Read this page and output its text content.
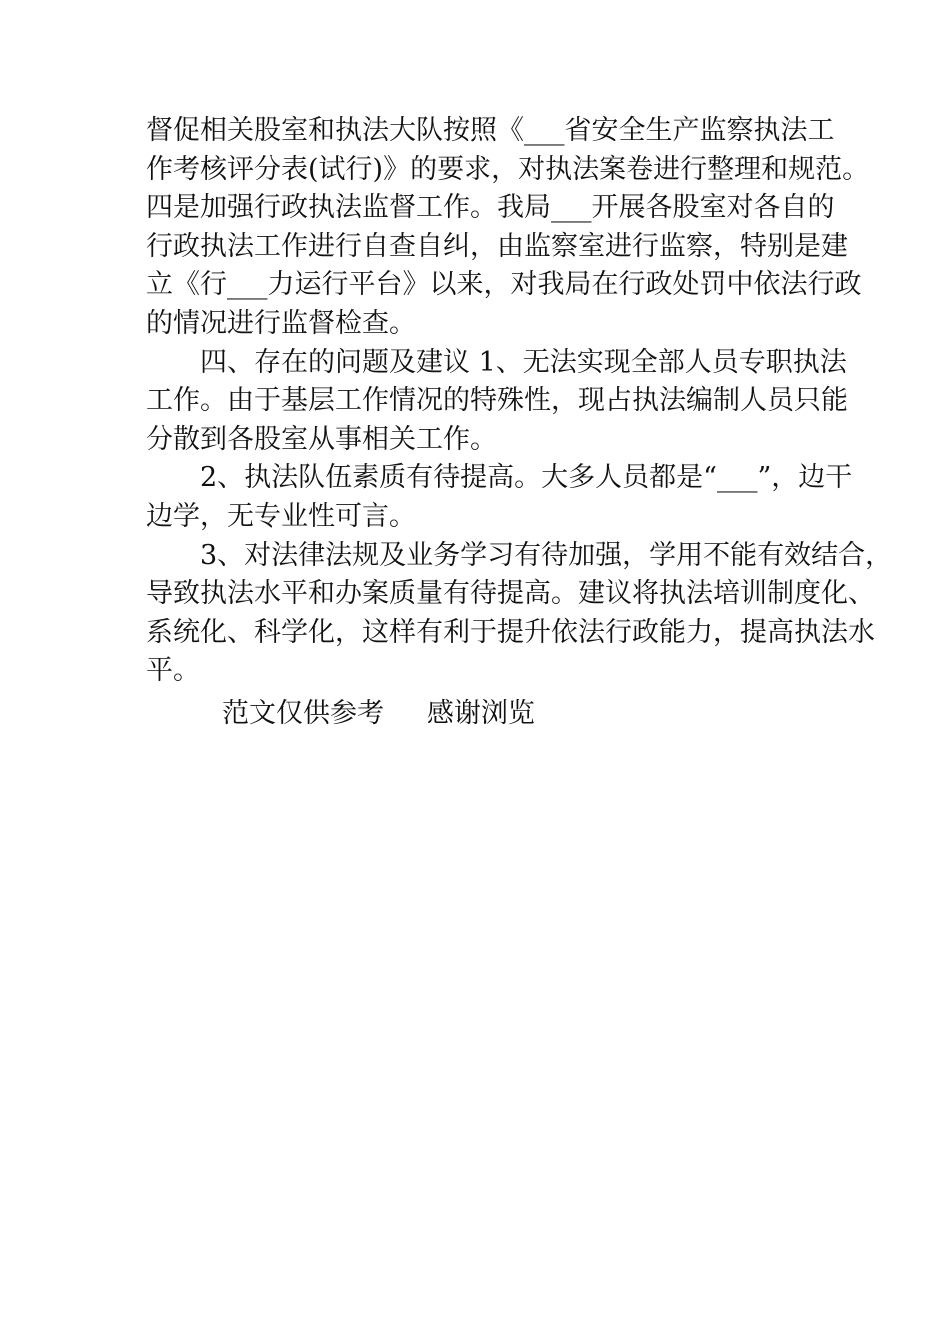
督促相关股室和执法大队按照《___省安全生产监察执法工
作考核评分表(试行)》的要求，对执法案卷进行整理和规范。
四是加强行政执法监督工作。我局___开展各股室对各自的
行政执法工作进行自查自纠，由监察室进行监察，特别是建
立《行___力运行平台》以来，对我局在行政处罚中依法行政
的情况进行监督检查。
四、存在的问题及建议 1、无法实现全部人员专职执法
工作。由于基层工作情况的特殊性，现占执法编制人员只能
分散到各股室从事相关工作。
2、执法队伍素质有待提高。大多人员都是“___”，边干
边学，无专业性可言。
3、对法律法规及业务学习有待加强，学用不能有效结合，
导致执法水平和办案质量有待提高。建议将执法培训制度化、
系统化、科学化，这样有利于提升依法行政能力，提高执法水
平。
范文仅供参考 感谢浏览
